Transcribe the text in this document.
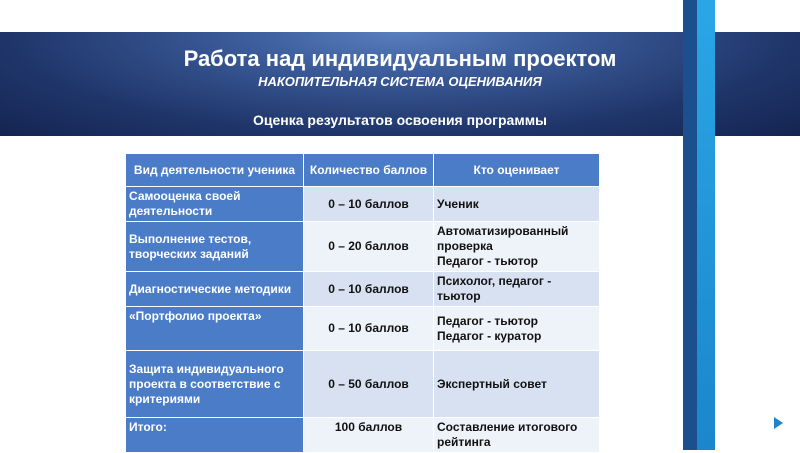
Работа над индивидуальным проектом
НАКОПИТЕЛЬНАЯ СИСТЕМА ОЦЕНИВАНИЯ
Оценка результатов освоения программы
Вид деятельности ученика	Количество баллов	Кто оценивает
Самооценка своей деятельности	0 – 10 баллов	Ученик

Выполнение тестов, творческих заданий	0 – 20 баллов	Автоматизированный проверка
Педагог - тьютор

Диагностические методики	0 – 10 баллов	Психолог, педагог - тьютор

«Портфолио проекта»	0 – 10 баллов	Педагог - тьютор
Педагог - куратор

Защита индивидуального проекта в соответствие с критериями	0 – 50 баллов	Экспертный совет

Итого:	100 баллов	Составление итогового рейтинга
